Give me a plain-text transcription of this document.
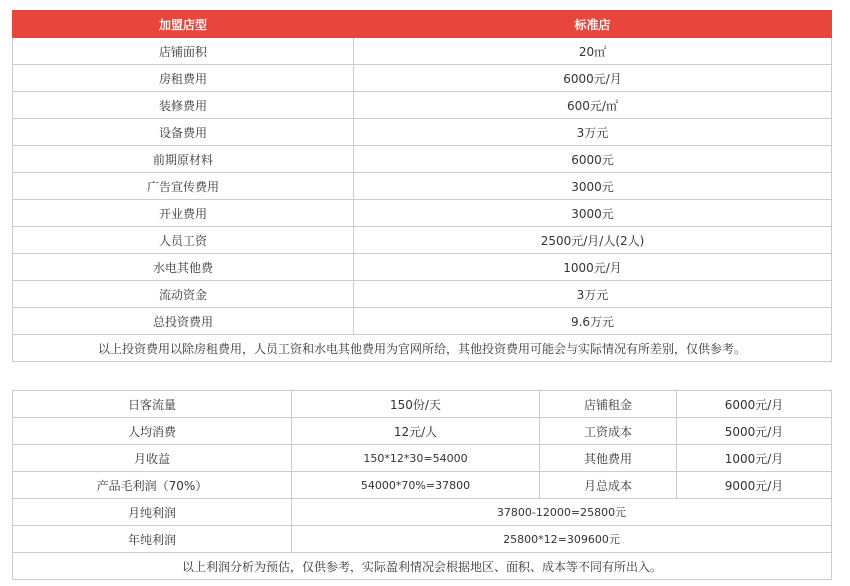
加盟店型	标准店
店铺面积	20㎡
房租费用	6000元/月
装修费用	600元/㎡
设备费用	3万元
前期原材料	6000元
广告宣传费用	3000元
开业费用	3000元
人员工资	2500元/月/人(2人)
水电其他费	1000元/月
流动资金	3万元
总投资费用	9.6万元
以上投资费用以除房租费用，人员工资和水电其他费用为官网所给，其他投资费用可能会与实际情况有所差别，仅供参考。	
日客流量	150份/天	店铺租金	6000元/月
人均消费	12元/人	工资成本	5000元/月
月收益	150*12*30=54000	其他费用	1000元/月
产品毛利润（70%）	54000*70%=37800	月总成本	9000元/月
月纯利润	37800-12000=25800元		
年纯利润	25800*12=309600元		
以上利润分析为预估，仅供参考，实际盈利情况会根据地区、面积、成本等不同有所出入。			
